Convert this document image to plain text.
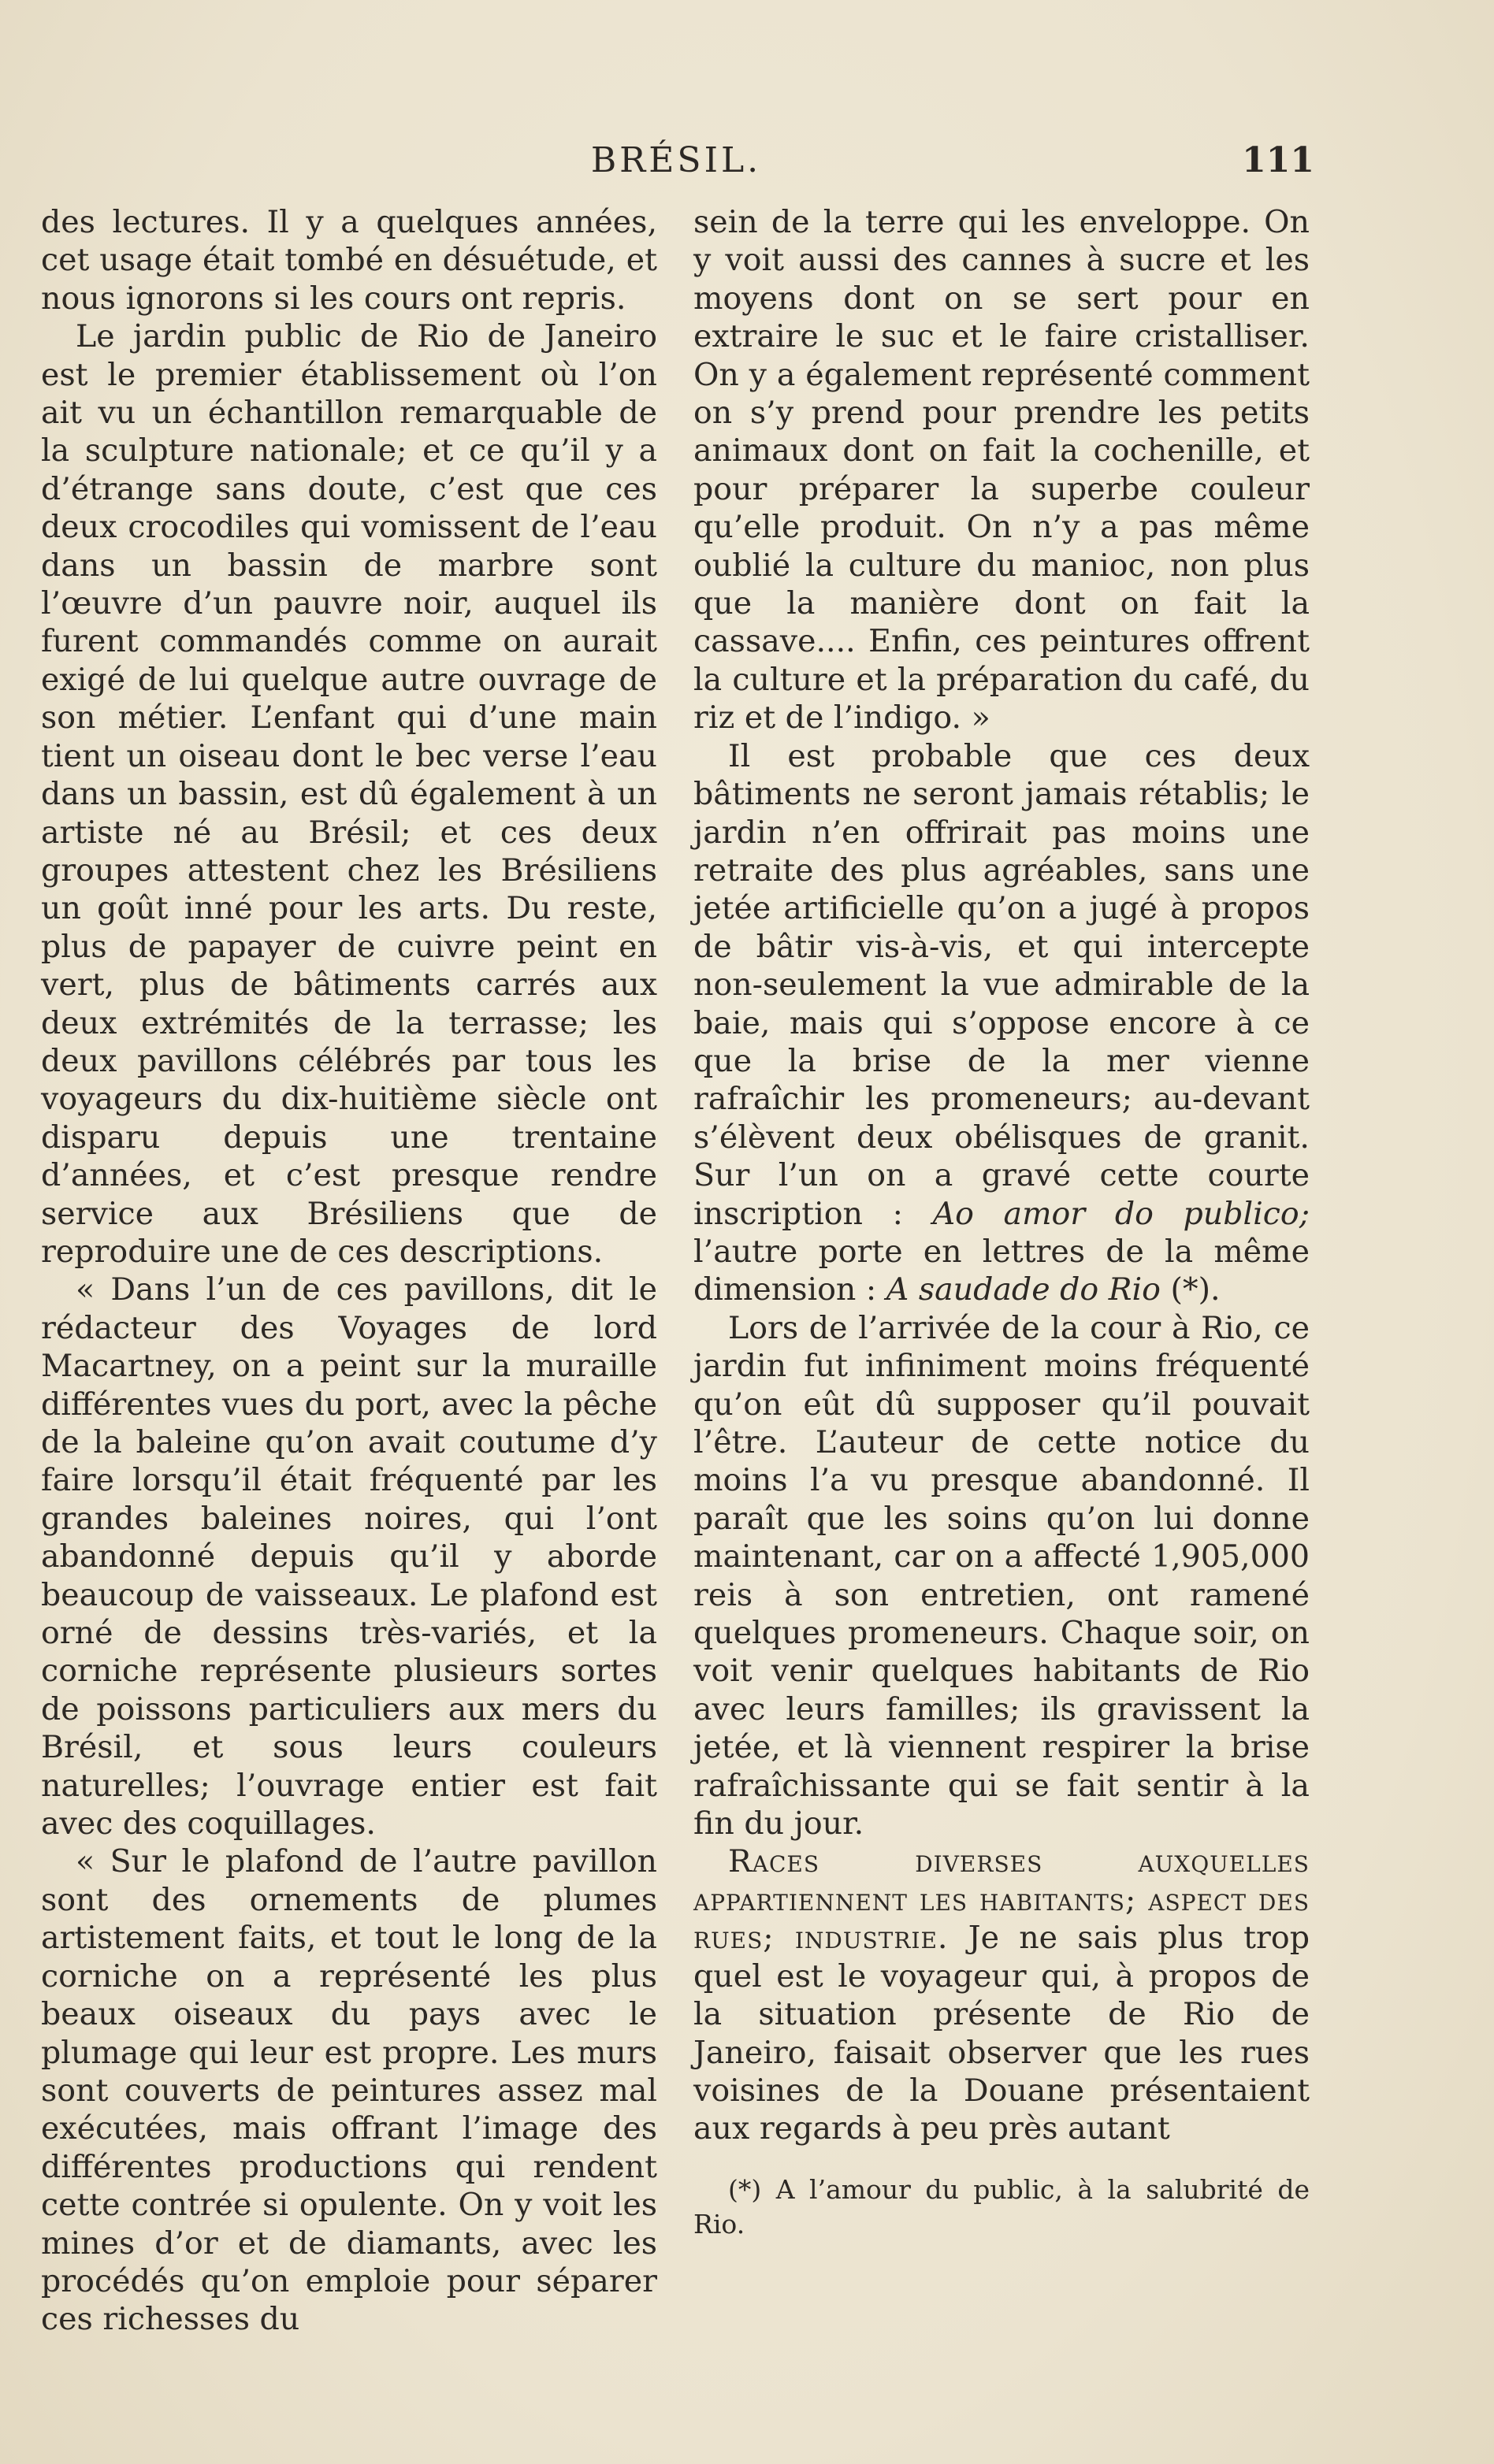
BRÉSIL.	111

des lectures. Il y a quelques années, cet usage était tombé en désuétude, et nous ignorons si les cours ont repris.

Le jardin public de Rio de Janeiro est le premier établissement où l’on ait vu un échantillon remarquable de la sculpture nationale; et ce qu’il y a d’étrange sans doute, c’est que ces deux crocodiles qui vomissent de l’eau dans un bassin de marbre sont l’œuvre d’un pauvre noir, auquel ils furent commandés comme on aurait exigé de lui quelque autre ouvrage de son métier. L’enfant qui d’une main tient un oiseau dont le bec verse l’eau dans un bassin, est dû également à un artiste né au Brésil; et ces deux groupes attestent chez les Brésiliens un goût inné pour les arts. Du reste, plus de papayer de cuivre peint en vert, plus de bâtiments carrés aux deux extrémités de la terrasse; les deux pavillons célébrés par tous les voyageurs du dix-huitième siècle ont disparu depuis une trentaine d’années, et c’est presque rendre service aux Brésiliens que de reproduire une de ces descriptions.

« Dans l’un de ces pavillons, dit le rédacteur des Voyages de lord Macartney, on a peint sur la muraille différentes vues du port, avec la pêche de la baleine qu’on avait coutume d’y faire lorsqu’il était fréquenté par les grandes baleines noires, qui l’ont abandonné depuis qu’il y aborde beaucoup de vaisseaux. Le plafond est orné de dessins très-variés, et la corniche représente plusieurs sortes de poissons particuliers aux mers du Brésil, et sous leurs couleurs naturelles; l’ouvrage entier est fait avec des coquillages.

« Sur le plafond de l’autre pavillon sont des ornements de plumes artistement faits, et tout le long de la corniche on a représenté les plus beaux oiseaux du pays avec le plumage qui leur est propre. Les murs sont couverts de peintures assez mal exécutées, mais offrant l’image des différentes productions qui rendent cette contrée si opulente. On y voit les mines d’or et de diamants, avec les procédés qu’on emploie pour séparer ces richesses du

sein de la terre qui les enveloppe. On y voit aussi des cannes à sucre et les moyens dont on se sert pour en extraire le suc et le faire cristalliser. On y a également représenté comment on s’y prend pour prendre les petits animaux dont on fait la cochenille, et pour préparer la superbe couleur qu’elle produit. On n’y a pas même oublié la culture du manioc, non plus que la manière dont on fait la cassave.... Enfin, ces peintures offrent la culture et la préparation du café, du riz et de l’indigo. »

Il est probable que ces deux bâtiments ne seront jamais rétablis; le jardin n’en offrirait pas moins une retraite des plus agréables, sans une jetée artificielle qu’on a jugé à propos de bâtir vis-à-vis, et qui intercepte non-seulement la vue admirable de la baie, mais qui s’oppose encore à ce que la brise de la mer vienne rafraîchir les promeneurs; au-devant s’élèvent deux obélisques de granit. Sur l’un on a gravé cette courte inscription : Ao amor do publico; l’autre porte en lettres de la même dimension : A saudade do Rio (*).

Lors de l’arrivée de la cour à Rio, ce jardin fut infiniment moins fréquenté qu’on eût dû supposer qu’il pouvait l’être. L’auteur de cette notice du moins l’a vu presque abandonné. Il paraît que les soins qu’on lui donne maintenant, car on a affecté 1,905,000 reis à son entretien, ont ramené quelques promeneurs. Chaque soir, on voit venir quelques habitants de Rio avec leurs familles; ils gravissent la jetée, et là viennent respirer la brise rafraîchissante qui se fait sentir à la fin du jour.

Races diverses auxquelles appartiennent les habitants; aspect des rues; industrie. Je ne sais plus trop quel est le voyageur qui, à propos de la situation présente de Rio de Janeiro, faisait observer que les rues voisines de la Douane présentaient aux regards à peu près autant

(*) A l’amour du public, à la salubrité de Rio.
